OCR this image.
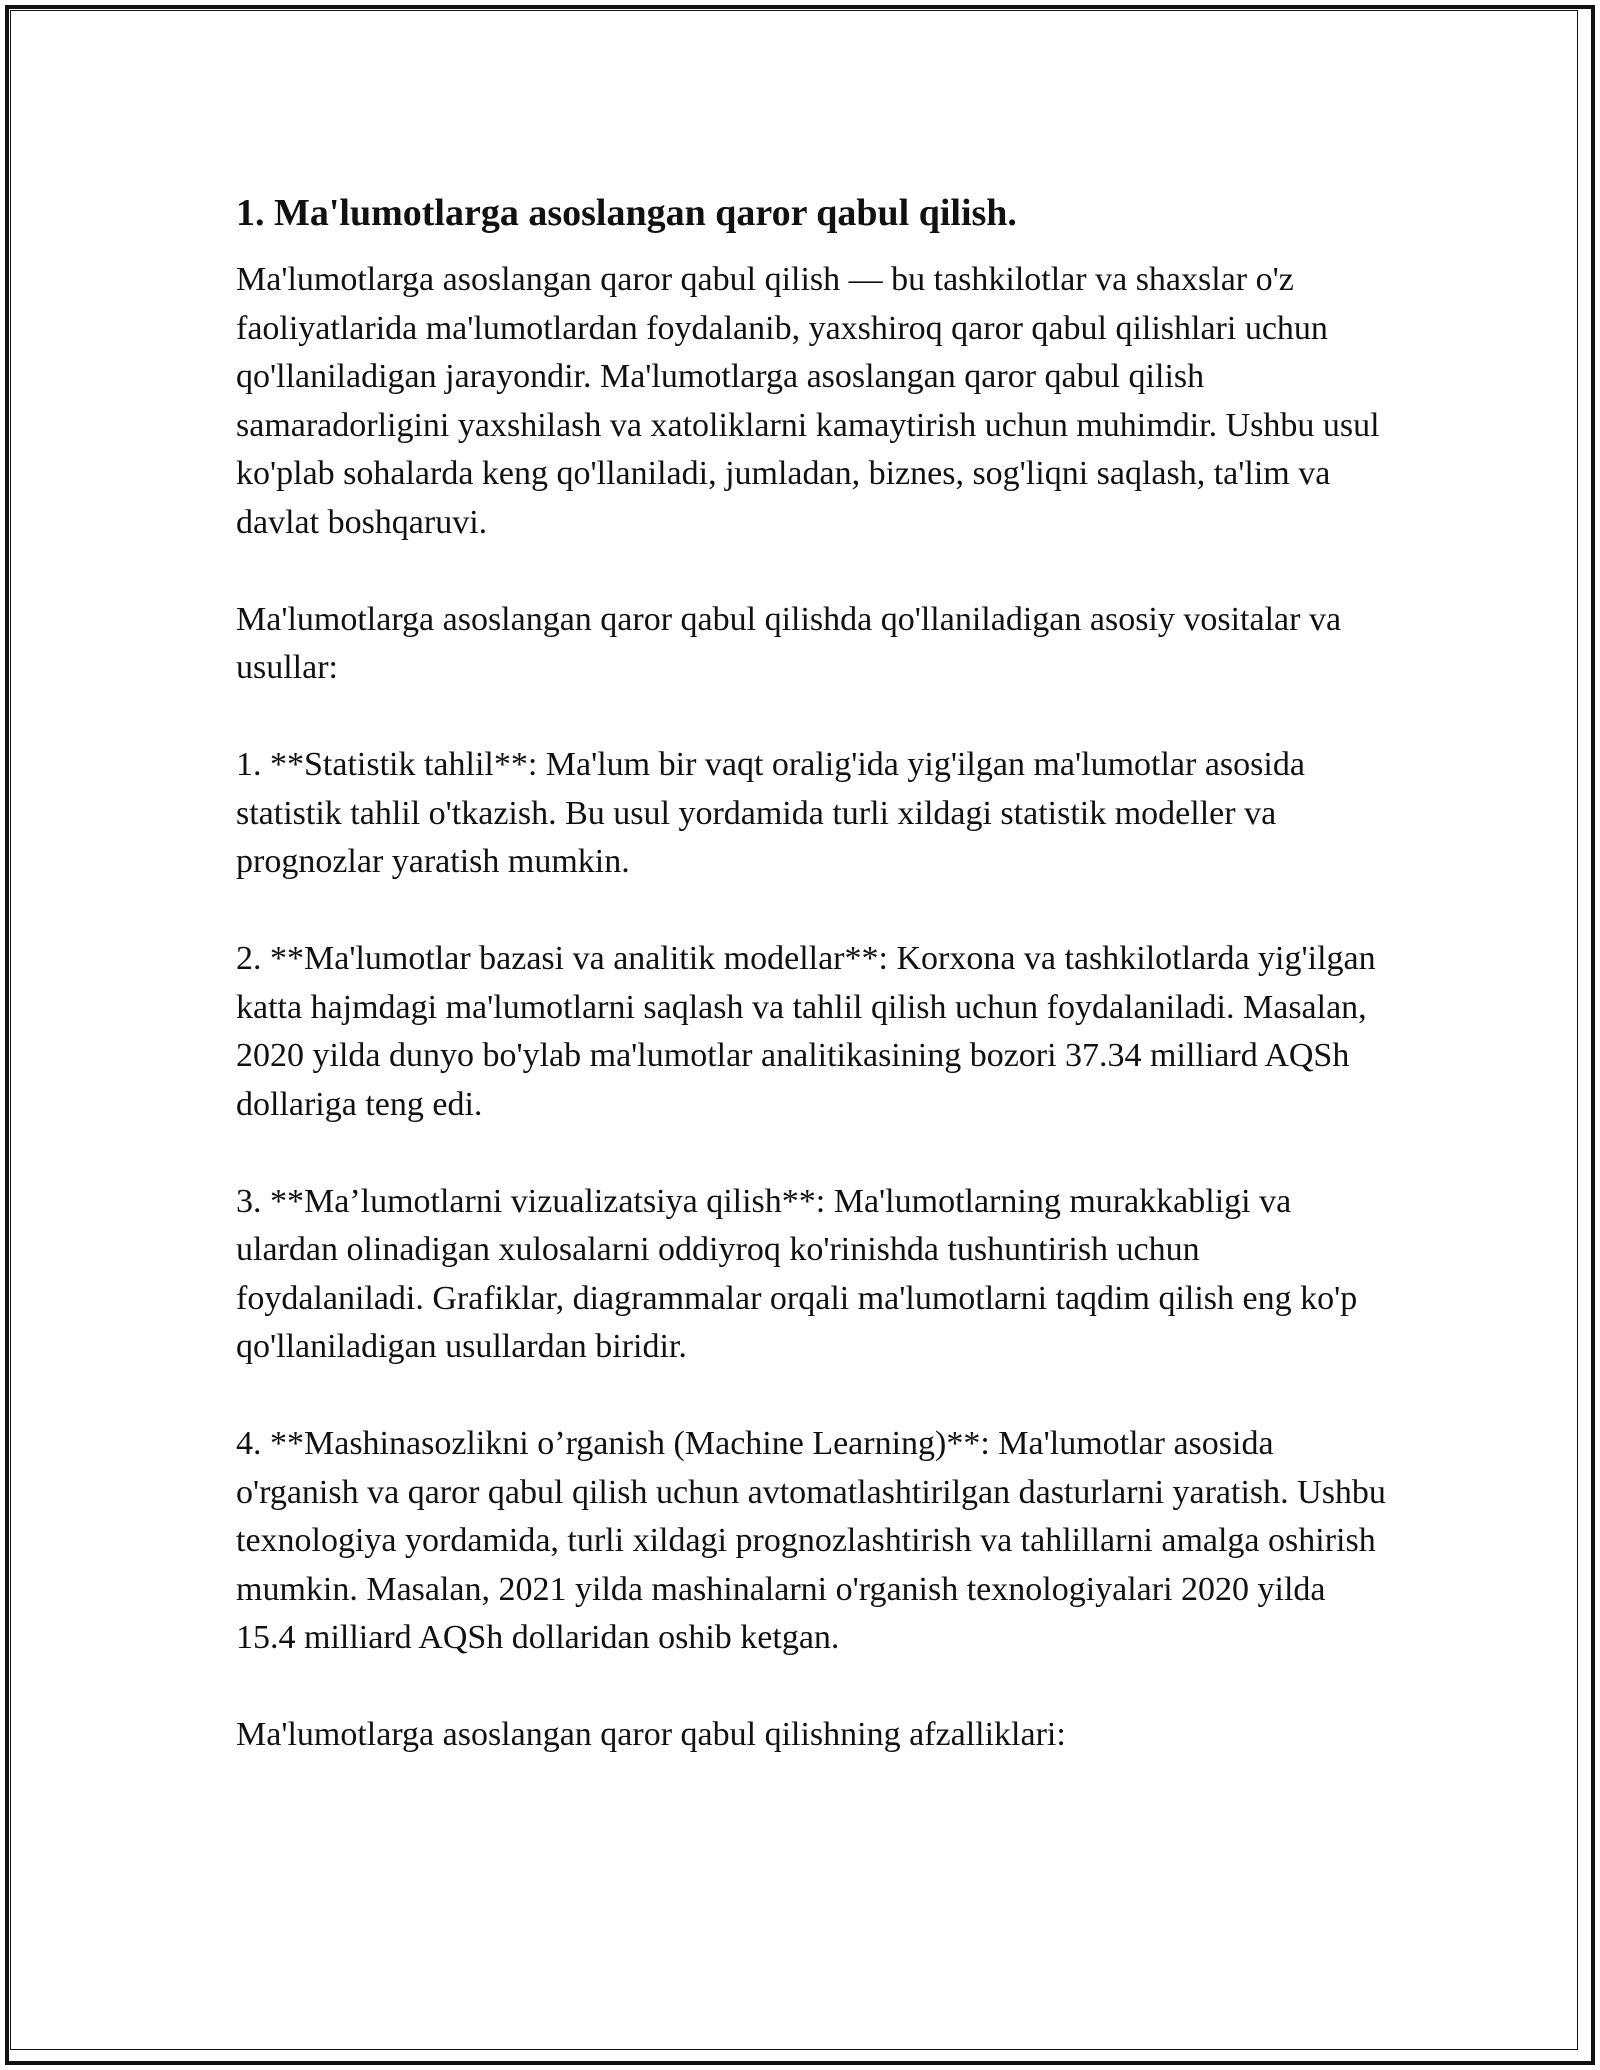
1. Ma'lumotlarga asoslangan qaror qabul qilish.

Ma'lumotlarga asoslangan qaror qabul qilish — bu tashkilotlar va shaxslar o'z faoliyatlarida ma'lumotlardan foydalanib, yaxshiroq qaror qabul qilishlari uchun qo'llaniladigan jarayondir. Ma'lumotlarga asoslangan qaror qabul qilish samaradorligini yaxshilash va xatoliklarni kamaytirish uchun muhimdir. Ushbu usul ko'plab sohalarda keng qo'llaniladi, jumladan, biznes, sog'liqni saqlash, ta'lim va davlat boshqaruvi.

Ma'lumotlarga asoslangan qaror qabul qilishda qo'llaniladigan asosiy vositalar va usullar:

1. **Statistik tahlil**: Ma'lum bir vaqt oralig'ida yig'ilgan ma'lumotlar asosida statistik tahlil o'tkazish. Bu usul yordamida turli xildagi statistik modeller va prognozlar yaratish mumkin.

2. **Ma'lumotlar bazasi va analitik modellar**: Korxona va tashkilotlarda yig'ilgan katta hajmdagi ma'lumotlarni saqlash va tahlil qilish uchun foydalaniladi. Masalan, 2020 yilda dunyo bo'ylab ma'lumotlar analitikasining bozori 37.34 milliard AQSh dollariga teng edi.

3. **Ma’lumotlarni vizualizatsiya qilish**: Ma'lumotlarning murakkabligi va ulardan olinadigan xulosalarni oddiyroq ko'rinishda tushuntirish uchun foydalaniladi. Grafiklar, diagrammalar orqali ma'lumotlarni taqdim qilish eng ko'p qo'llaniladigan usullardan biridir.

4. **Mashinasozlikni o’rganish (Machine Learning)**: Ma'lumotlar asosida o'rganish va qaror qabul qilish uchun avtomatlashtirilgan dasturlarni yaratish. Ushbu texnologiya yordamida, turli xildagi prognozlashtirish va tahlillarni amalga oshirish mumkin. Masalan, 2021 yilda mashinalarni o'rganish texnologiyalari 2020 yilda 15.4 milliard AQSh dollaridan oshib ketgan.

Ma'lumotlarga asoslangan qaror qabul qilishning afzalliklari:
